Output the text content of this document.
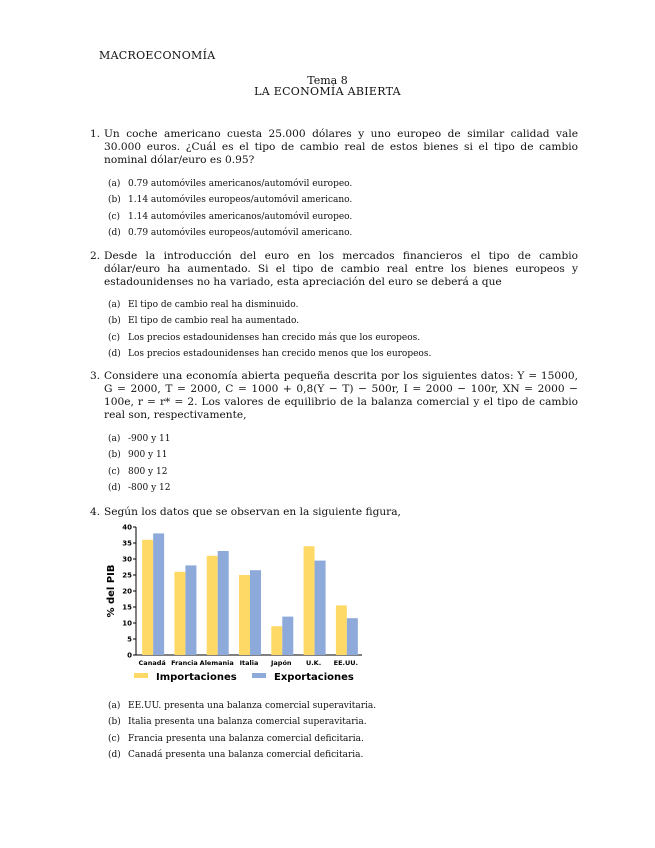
MACROECONOMÍA
Tema 8
LA ECONOMÍA ABIERTA
1. Un coche americano cuesta 25.000 dólares y uno europeo de similar calidad vale 30.000 euros. ¿Cuál es el tipo de cambio real de estos bienes si el tipo de cambio nominal dólar/euro es 0.95?
(a) 0.79 automóviles americanos/automóvil europeo.
(b) 1.14 automóviles europeos/automóvil americano.
(c) 1.14 automóviles americanos/automóvil europeo.
(d) 0.79 automóviles europeos/automóvil americano.
2. Desde la introducción del euro en los mercados financieros el tipo de cambio dólar/euro ha aumentado. Si el tipo de cambio real entre los bienes europeos y estadounidenses no ha variado, esta apreciación del euro se deberá a que
(a) El tipo de cambio real ha disminuido.
(b) El tipo de cambio real ha aumentado.
(c) Los precios estadounidenses han crecido más que los europeos.
(d) Los precios estadounidenses han crecido menos que los europeos.
3. Considere una economía abierta pequeña descrita por los siguientes datos: Y = 15000, G = 2000, T = 2000, C = 1000 + 0,8(Y − T) − 500r, I = 2000 − 100r, XN = 2000 − 100e, r = r* = 2. Los valores de equilibrio de la balanza comercial y el tipo de cambio real son, respectivamente,
(a) -900 y 11
(b) 900 y 11
(c) 800 y 12
(d) -800 y 12
4. Según los datos que se observan en la siguiente figura,
% del PIB
0
5
10
15
20
25
30
35
40
Canadá Francia Alemania Italia Japón U.K. EE.UU.
Importaciones	Exportaciones
(a) EE.UU. presenta una balanza comercial superavitaria.
(b) Italia presenta una balanza comercial superavitaria.
(c) Francia presenta una balanza comercial deficitaria.
(d) Canadá presenta una balanza comercial deficitaria.
